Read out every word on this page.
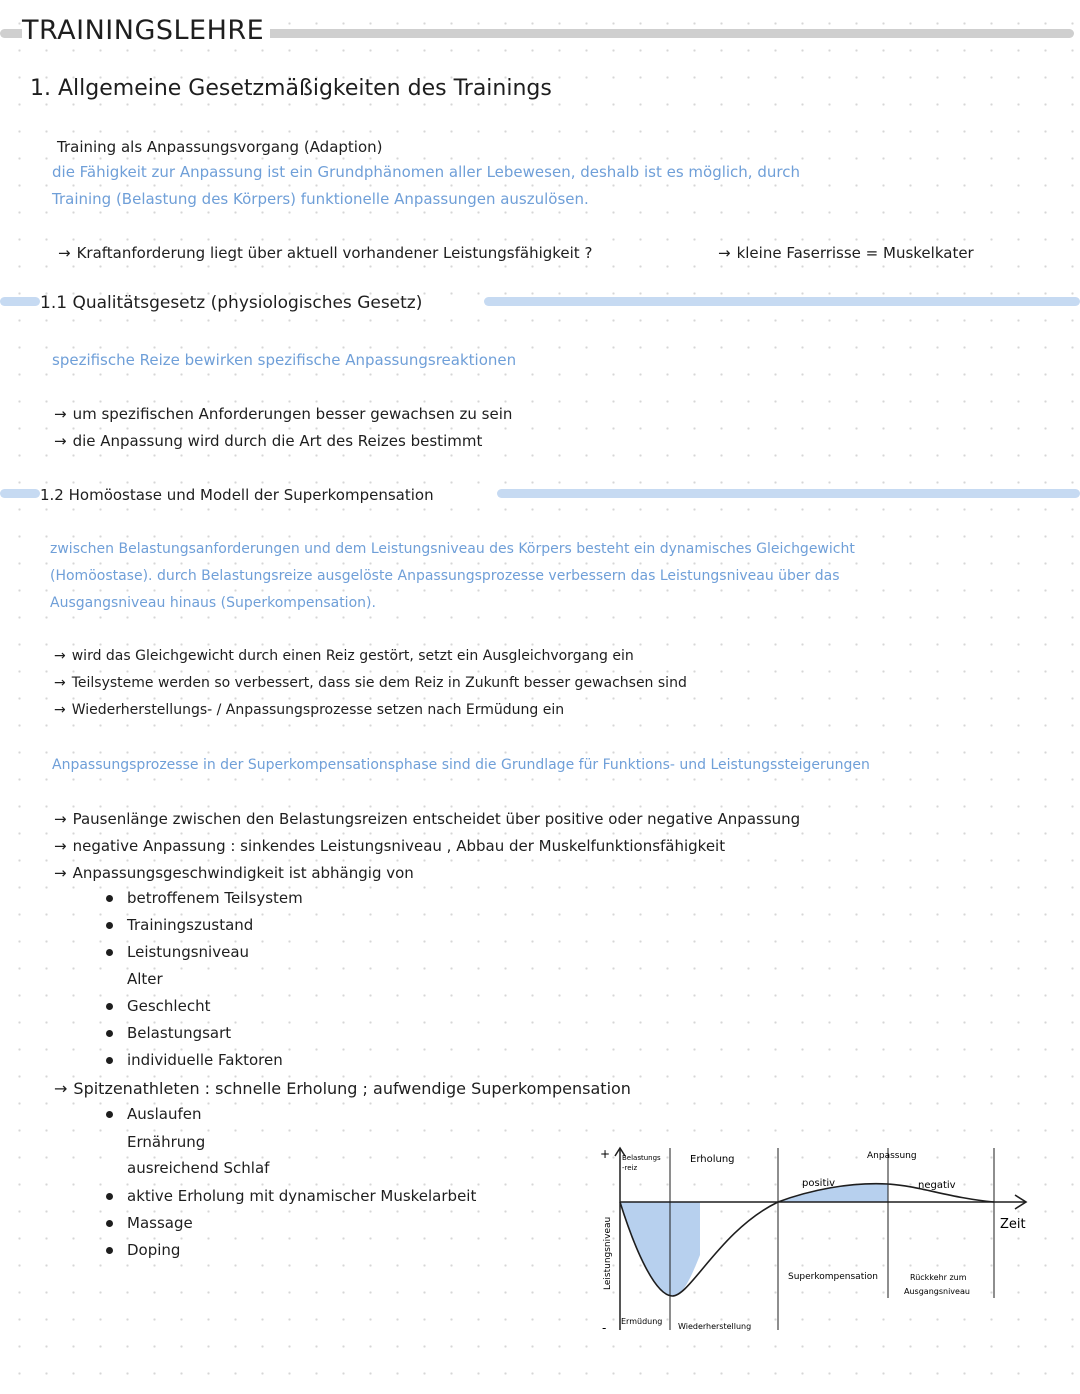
TRAININGSLEHRE
1. Allgemeine Gesetzmäßigkeiten des Trainings
Training als Anpassungsvorgang (Adaption)
die Fähigkeit zur Anpassung ist ein Grundphänomen aller Lebewesen, deshalb ist es möglich, durch
Training (Belastung des Körpers) funktionelle Anpassungen auszulösen.
→ Kraftanforderung liegt über aktuell vorhandener Leistungsfähigkeit ?	→ kleine Faserrisse = Muskelkater
1.1 Qualitätsgesetz (physiologisches Gesetz)
spezifische Reize bewirken spezifische Anpassungsreaktionen
→ um spezifischen Anforderungen besser gewachsen zu sein
→ die Anpassung wird durch die Art des Reizes bestimmt
1.2 Homöostase und Modell der Superkompensation
zwischen Belastungsanforderungen und dem Leistungsniveau des Körpers besteht ein dynamisches Gleichgewicht
(Homöostase). durch Belastungsreize ausgelöste Anpassungsprozesse verbessern das Leistungsniveau über das
Ausgangsniveau hinaus (Superkompensation).
→ wird das Gleichgewicht durch einen Reiz gestört, setzt ein Ausgleichvorgang ein
→ Teilsysteme werden so verbessert, dass sie dem Reiz in Zukunft besser gewachsen sind
→ Wiederherstellungs- / Anpassungsprozesse setzen nach Ermüdung ein
Anpassungsprozesse in der Superkompensationsphase sind die Grundlage für Funktions- und Leistungssteigerungen
→ Pausenlänge zwischen den Belastungsreizen entscheidet über positive oder negative Anpassung
→ negative Anpassung : sinkendes Leistungsniveau , Abbau der Muskelfunktionsfähigkeit
→ Anpassungsgeschwindigkeit ist abhängig von
betroffenem Teilsystem
Trainingszustand
Leistungsniveau
Alter
Geschlecht
Belastungsart
individuelle Faktoren
→ Spitzenathleten : schnelle Erholung ; aufwendige Superkompensation
Auslaufen
Ernährung
ausreichend Schlaf
aktive Erholung mit dynamischer Muskelarbeit
Massage
Doping
+
-
Belastungs
-reiz
Erholung	Anpassung
positiv	negativ
Zeit
Leistungsniveau	Superkompensation	Rückkehr zum
Ausgangsniveau
Ermüdung
Wiederherstellung
